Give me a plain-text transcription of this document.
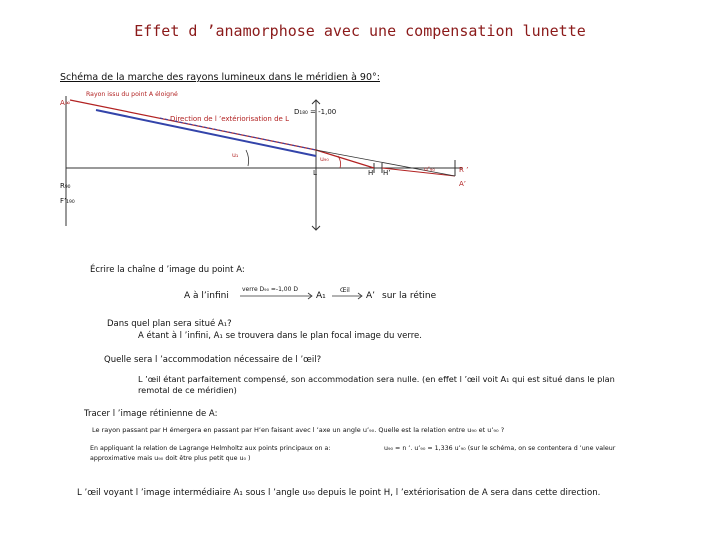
Effet d ’anamorphose avec une compensation lunette
Schéma de la marche des rayons lumineux dans le méridien à 90°:
Rayon issu du point A éloigné
A∞
Direction de l ’extériorisation de L
D₁₈₀ = -1,00
u₁
u₉₀
L	H H’	u’₉₀	R ’
A’
R₉₀
F’₁₉₀
Écrire la chaîne d ’image du point A:
A à l’infini
verre D₉₀ =-1,00 D
A₁
Œil
A’ sur la rétine
Dans quel plan sera situé A₁?
A étant à l ’infini, A₁ se trouvera dans le plan focal image du verre.
Quelle sera l ’accommodation nécessaire de l ’œil?
L ’œil étant parfaitement compensé, son accommodation sera nulle. (en effet l ’œil voit A₁ qui est situé dans le plan
remotal de ce méridien)
Tracer l ’image rétinienne de A:
Le rayon passant par H émergera en passant par H’en faisant avec l ’axe un angle u’₉₀. Quelle est la relation entre u₉₀ et u’₉₀ ?
En appliquant la relation de Lagrange Helmholtz aux points principaux on a:
approximative mais u₉₀ doit être plus petit que u₀ )
u₉₀ = n ’. u’₉₀ = 1,336 u’₉₀ (sur le schéma, on se contentera d ’une valeur
L ’œil voyant l ’image intermédiaire A₁ sous l ’angle u₉₀ depuis le point H, l ’extériorisation de A sera dans cette direction.
